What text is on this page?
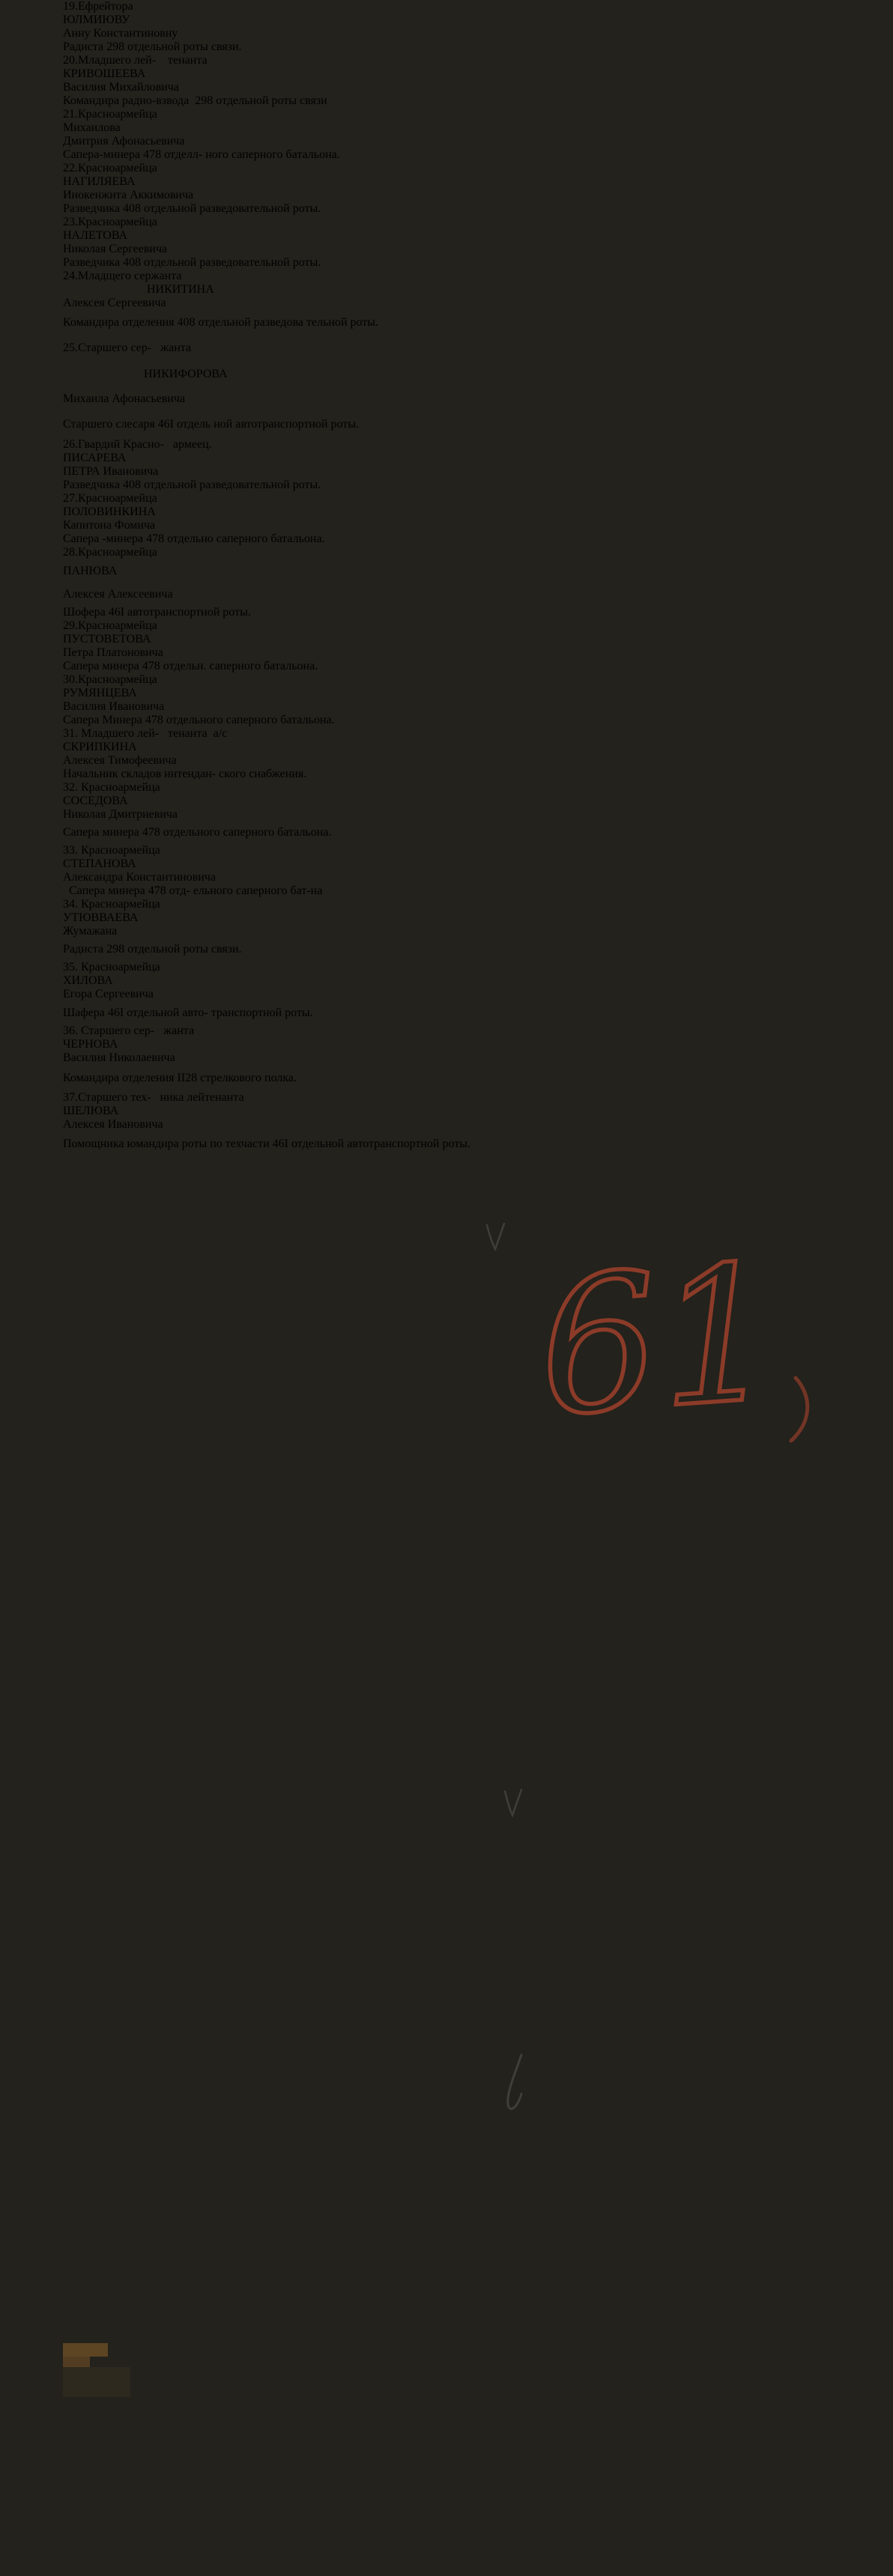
19.Ефрейтора
ЮЛМИЮВУ
Анну Константиновну
Радиста 298 отдельной роты связи.
20.Младшего лей-    тенанта
КРИВОШЕЕВА
Василия Михайловича
Командира радио-взвода  298 отдельной роты связи
21.Красноармейца
Михаилова
Дмитрия Афонасьевича
Сапера-минера 478 отделл- ного саперного батальона.
22.Красноармейца
НАГИЛЯЕВА
Инокенжита Аккимовича
Разведчика 408 отдельной разведовательной роты.
23.Красноармейца
НАЛЕТОВА
Николая Сергеевича
Разведчика 408 отдельной разведовательной роты.
24.Младщего сержанта
НИКИТИНА
Алексея Сергеевича
Командира отделения 408 отдельной разведова тельной роты.
25.Старшего сер-   жанта
НИКИФОРОВА
Михаила Афонасьевича
Старшего слесаря 46I отдель ной автотранспортной роты.
26.Гвардий Красно-   армеец.
ПИСАРЕВА
ПЕТРА Ивановича
Разведчика 408 отдельной разведовательной роты.
27.Красноармейца
ПОЛОВИНКИНА
Капитона Фомича
Сапера -минера 478 отдельно саперного батальона.
28.Красноармейца
ПАНЮВА
Алексея Алексеевича
Шофера 46I автотранспортной роты.
29.Красноармейца
ПУСТОВЕТОВА
Петра Платоновича
Сапера минера 478 отдельн. саперного батальона.
30.Красноармейца
РУМЯНЦЕВА
Василия Ивановича
Сапера Минера 478 отдельного саперного батальона.
31. Младшего лей-   тенанта  а/с
СКРИПКИНА
Алексея Тимофеевича
Начальник складов интендан- ского снабжения.
32. Красноармейца
СОСЕДОВА
Николая Дмитриевича
Сапера минера 478 отдельного саперного батальона.
33. Красноармейца
СТЕПАНОВА
Александра Константиновича
Сапера минера 478 отд- ельного саперного бат-на
34. Красноармейца
УТЮВВАЕВА
Жумажана
Радиста 298 отдельной роты связи.
35. Красноармейца
ХИЛОВА
Егора Сергеевича
Шафера 46I отдельной авто- транспортной роты.
36. Старшего сер-   жанта
ЧЕРНОВА
Василия Николаевича
Командира отделения II28 стрелкового полка.
37.Старшего тех-   ника лейтенанта
ШЕЛЮВА
Алексея Ивановича
Помощника юмандира роты по техчасти 46I отдельной автотранспортной роты.
61
